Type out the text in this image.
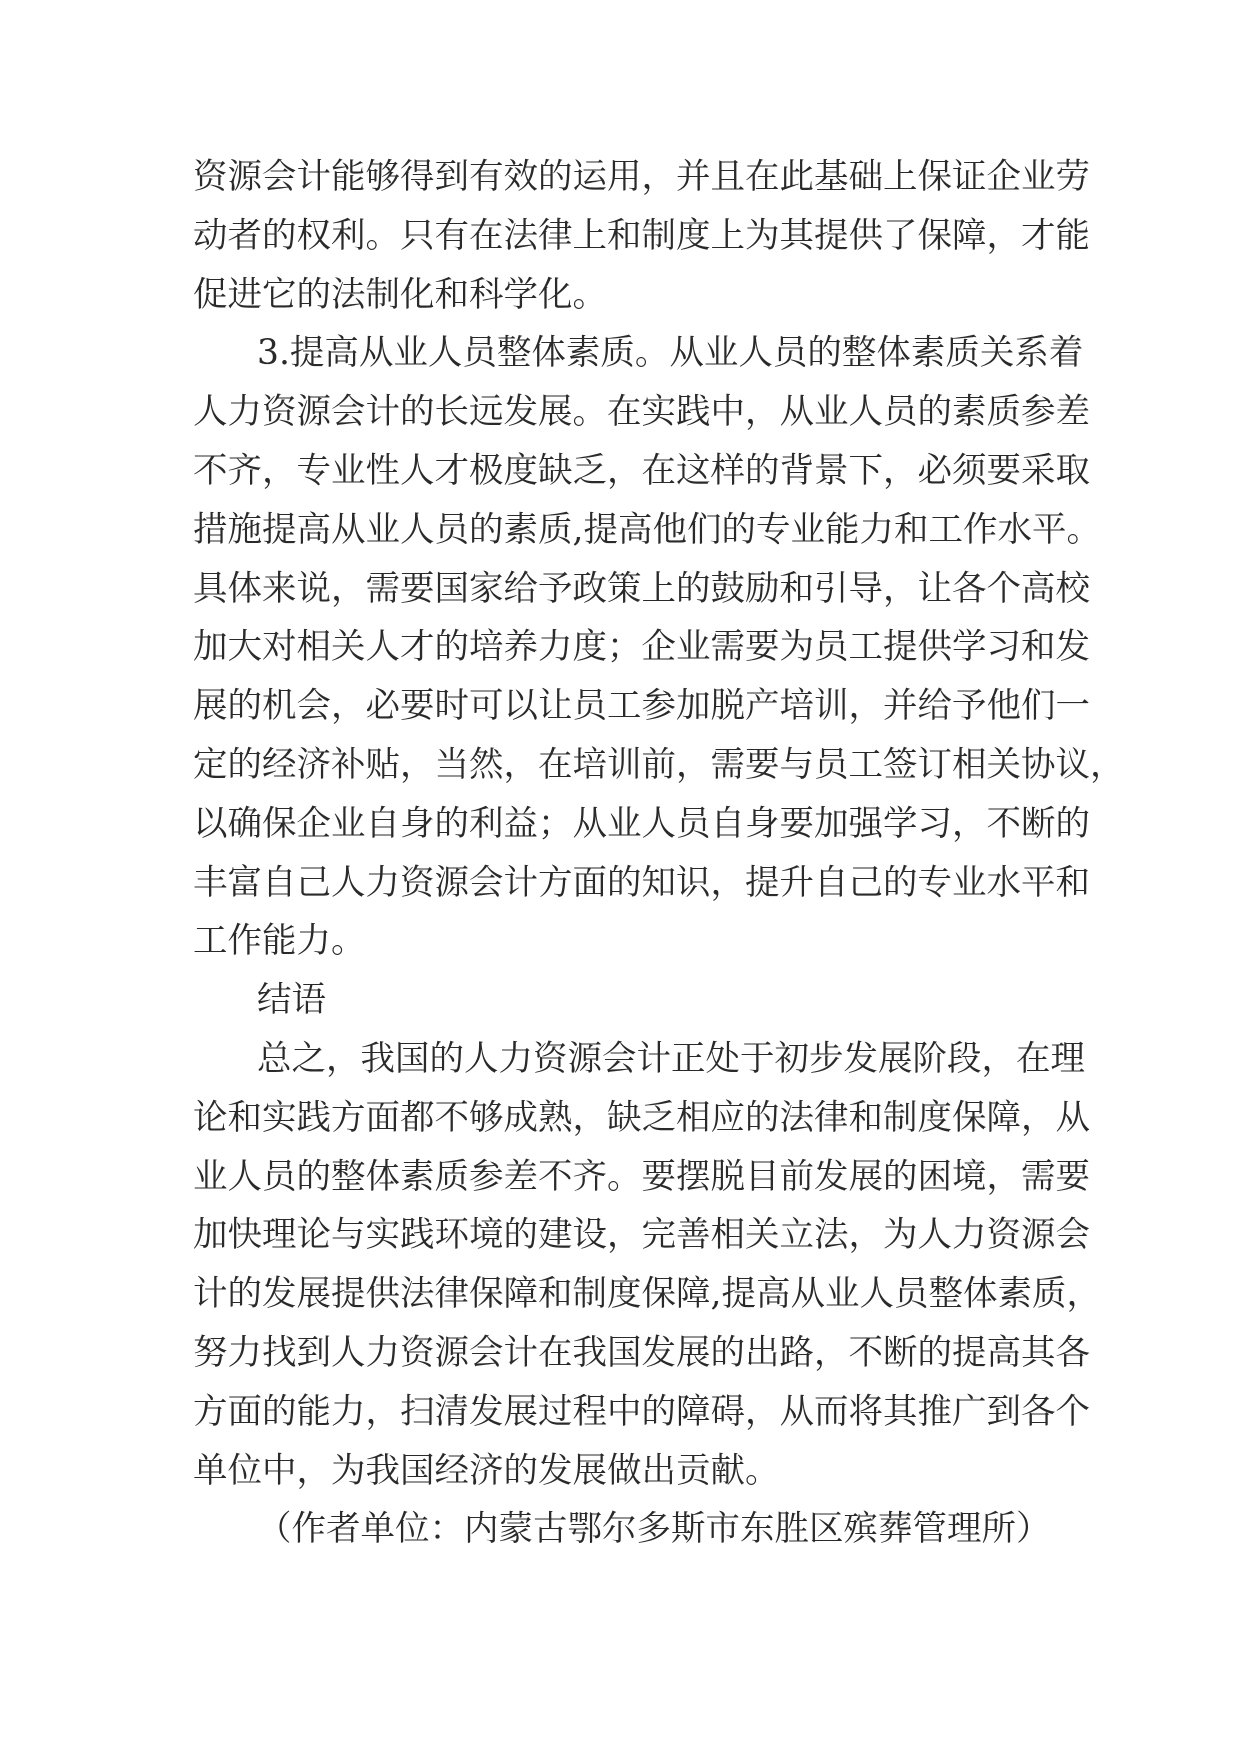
资源会计能够得到有效的运用，并且在此基础上保证企业劳
动者的权利。只有在法律上和制度上为其提供了保障，才能
促进它的法制化和科学化。
3.提高从业人员整体素质。从业人员的整体素质关系着
人力资源会计的长远发展。在实践中，从业人员的素质参差
不齐，专业性人才极度缺乏，在这样的背景下，必须要采取
措施提高从业人员的素质,提高他们的专业能力和工作水平。
具体来说，需要国家给予政策上的鼓励和引导，让各个高校
加大对相关人才的培养力度；企业需要为员工提供学习和发
展的机会，必要时可以让员工参加脱产培训，并给予他们一
定的经济补贴，当然，在培训前，需要与员工签订相关协议，
以确保企业自身的利益；从业人员自身要加强学习，不断的
丰富自己人力资源会计方面的知识，提升自己的专业水平和
工作能力。
结语
总之，我国的人力资源会计正处于初步发展阶段，在理
论和实践方面都不够成熟，缺乏相应的法律和制度保障，从
业人员的整体素质参差不齐。要摆脱目前发展的困境，需要
加快理论与实践环境的建设，完善相关立法，为人力资源会
计的发展提供法律保障和制度保障,提高从业人员整体素质，
努力找到人力资源会计在我国发展的出路，不断的提高其各
方面的能力，扫清发展过程中的障碍，从而将其推广到各个
单位中，为我国经济的发展做出贡献。
（作者单位：内蒙古鄂尔多斯市东胜区殡葬管理所）
